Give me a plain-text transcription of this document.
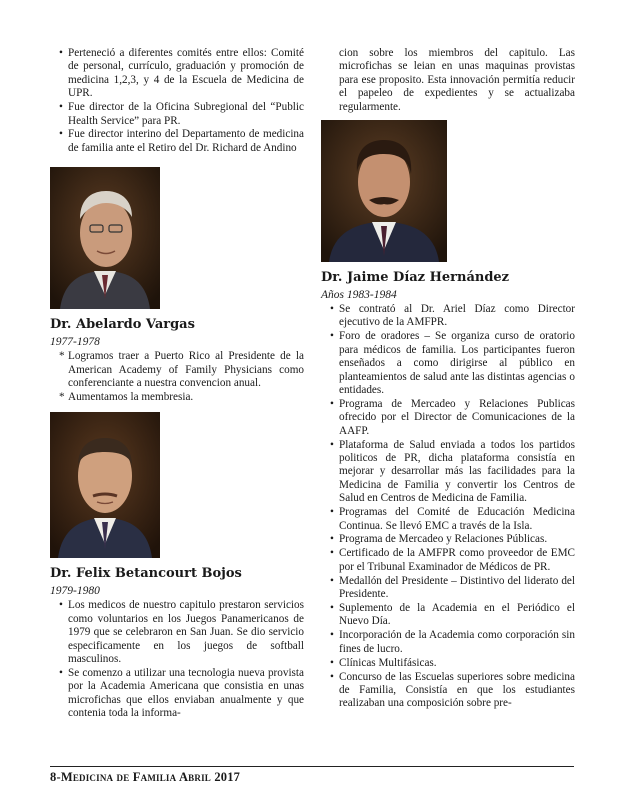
• Perteneció a diferentes comités entre ellos: Comité de personal, currículo, graduación y promoción de medicina 1,2,3, y 4 de la Escuela de Medicina de UPR.
• Fue director de la Oficina Subregional del “Public Health Service” para PR.
• Fue director interino del Departamento de medicina de familia ante el Retiro del Dr. Richard de Andino
Dr. Abelardo Vargas
1977-1978
* Logramos traer a Puerto Rico al Presidente de la American Academy of Family Physicians como conferenciante a nuestra convencion anual.
* Aumentamos la membresia.
Dr. Felix Betancourt Bojos
1979-1980
• Los medicos de nuestro capitulo prestaron servicios como voluntarios en los Juegos Panamericanos de 1979 que se celebraron en San Juan. Se dio servicio especificamente en los juegos de softball masculinos.
• Se comenzo a utilizar una tecnologia nueva provista por la Academia Americana que consistia en unas microfichas que ellos enviaban anualmente y que contenia toda la informa-

cion sobre los miembros del capitulo. Las microfichas se leian en unas maquinas provistas para ese proposito. Esta innovación permitía reducir el papeleo de expedientes y se actualizaba regularmente.

Dr. Jaime Díaz Hernández
Años 1983-1984
• Se contrató al Dr. Ariel Díaz como Director ejecutivo de la AMFPR.
• Foro de oradores – Se organiza curso de oratorio para médicos de familia. Los participantes fueron enseñados a como dirigirse al público en planteamientos de salud ante las distintas agencias o entidades.
• Programa de Mercadeo y Relaciones Publicas ofrecido por el Director de Comunicaciones de la AAFP.
• Plataforma de Salud enviada a todos los partidos politicos de PR, dicha plataforma consistía en mejorar y desarrollar más las facilidades para la Medicina de Familia y convertir los Centros de Salud en Centros de Medicina de Familia.
• Programas del Comité de Educación Medicina Continua. Se llevó EMC a través de la Isla.
• Programa de Mercadeo y Relaciones Públicas.
• Certificado de la AMFPR como proveedor de EMC por el Tribunal Examinador de Médicos de PR.
• Medallón del Presidente – Distintivo del liderato del Presidente.
• Suplemento de la Academia en el Periódico el Nuevo Día.
• Incorporación de la Academia como corporación sin fines de lucro.
• Clínicas Multifásicas.
• Concurso de las Escuelas superiores sobre medicina de Familia, Consistía en que los estudiantes realizaban una composición sobre pre-
8-Medicina de Familia Abril 2017
